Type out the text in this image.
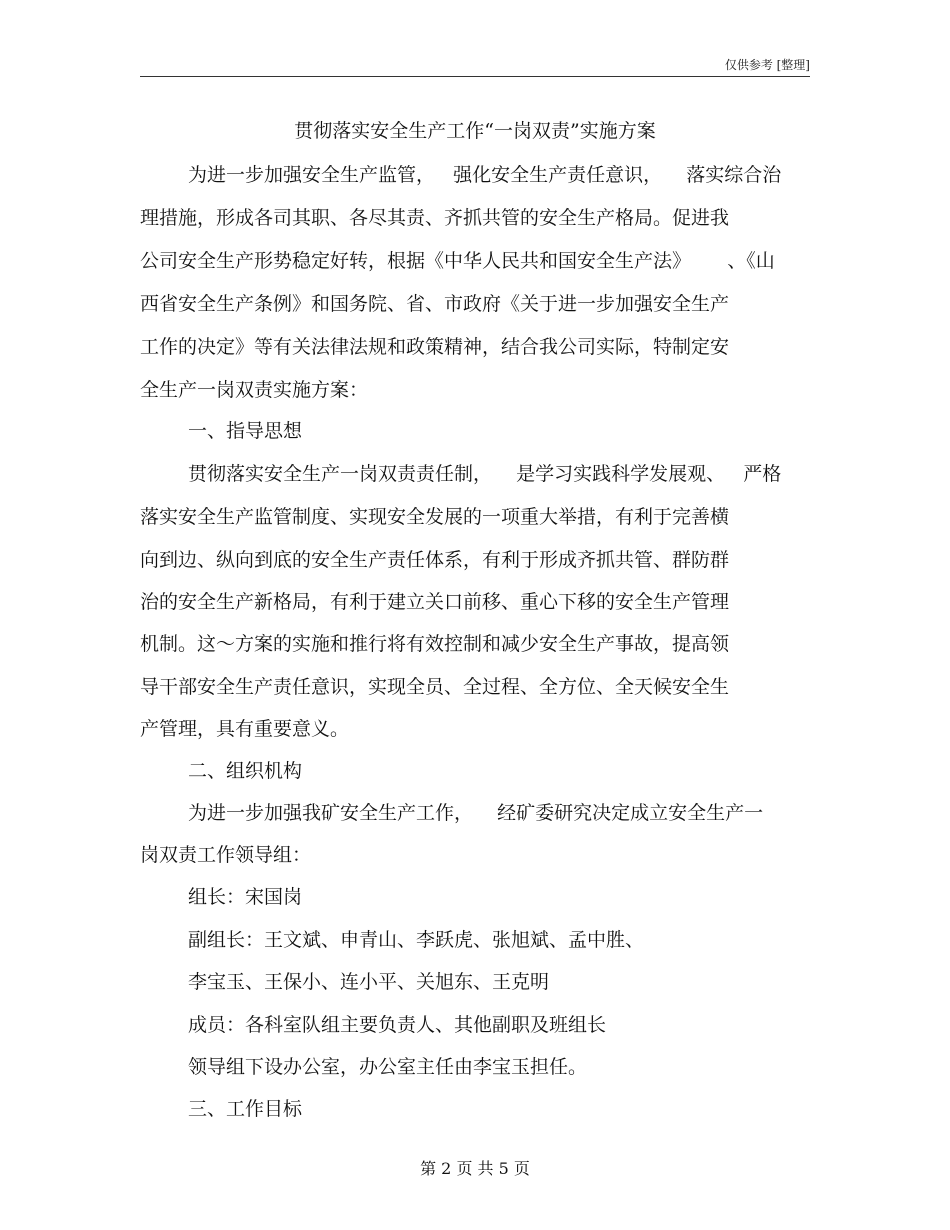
仅供参考 [整理]
贯彻落实安全生产工作“一岗双责”实施方案
为进一步加强安全生产监管，   强化安全生产责任意识，    落实综合治
理措施，形成各司其职、各尽其责、齐抓共管的安全生产格局。促进我
公司安全生产形势稳定好转，根据《中华人民共和国安全生产法》      、《山
西省安全生产条例》和国务院、省、市政府《关于进一步加强安全生产
工作的决定》等有关法律法规和政策精神，结合我公司实际，特制定安
全生产一岗双责实施方案：
一、指导思想
贯彻落实安全生产一岗双责责任制，    是学习实践科学发展观、   严格
落实安全生产监管制度、实现安全发展的一项重大举措，有利于完善横
向到边、纵向到底的安全生产责任体系，有利于形成齐抓共管、群防群
治的安全生产新格局，有利于建立关口前移、重心下移的安全生产管理
机制。这～方案的实施和推行将有效控制和减少安全生产事故，提高领
导干部安全生产责任意识，实现全员、全过程、全方位、全天候安全生
产管理，具有重要意义。
二、组织机构
为进一步加强我矿安全生产工作，    经矿委研究决定成立安全生产一
岗双责工作领导组：
组长：宋国岗
副组长：王文斌、申青山、李跃虎、张旭斌、孟中胜、
李宝玉、王保小、连小平、关旭东、王克明
成员：各科室队组主要负责人、其他副职及班组长
领导组下设办公室，办公室主任由李宝玉担任。
三、工作目标
第 2 页 共 5 页
